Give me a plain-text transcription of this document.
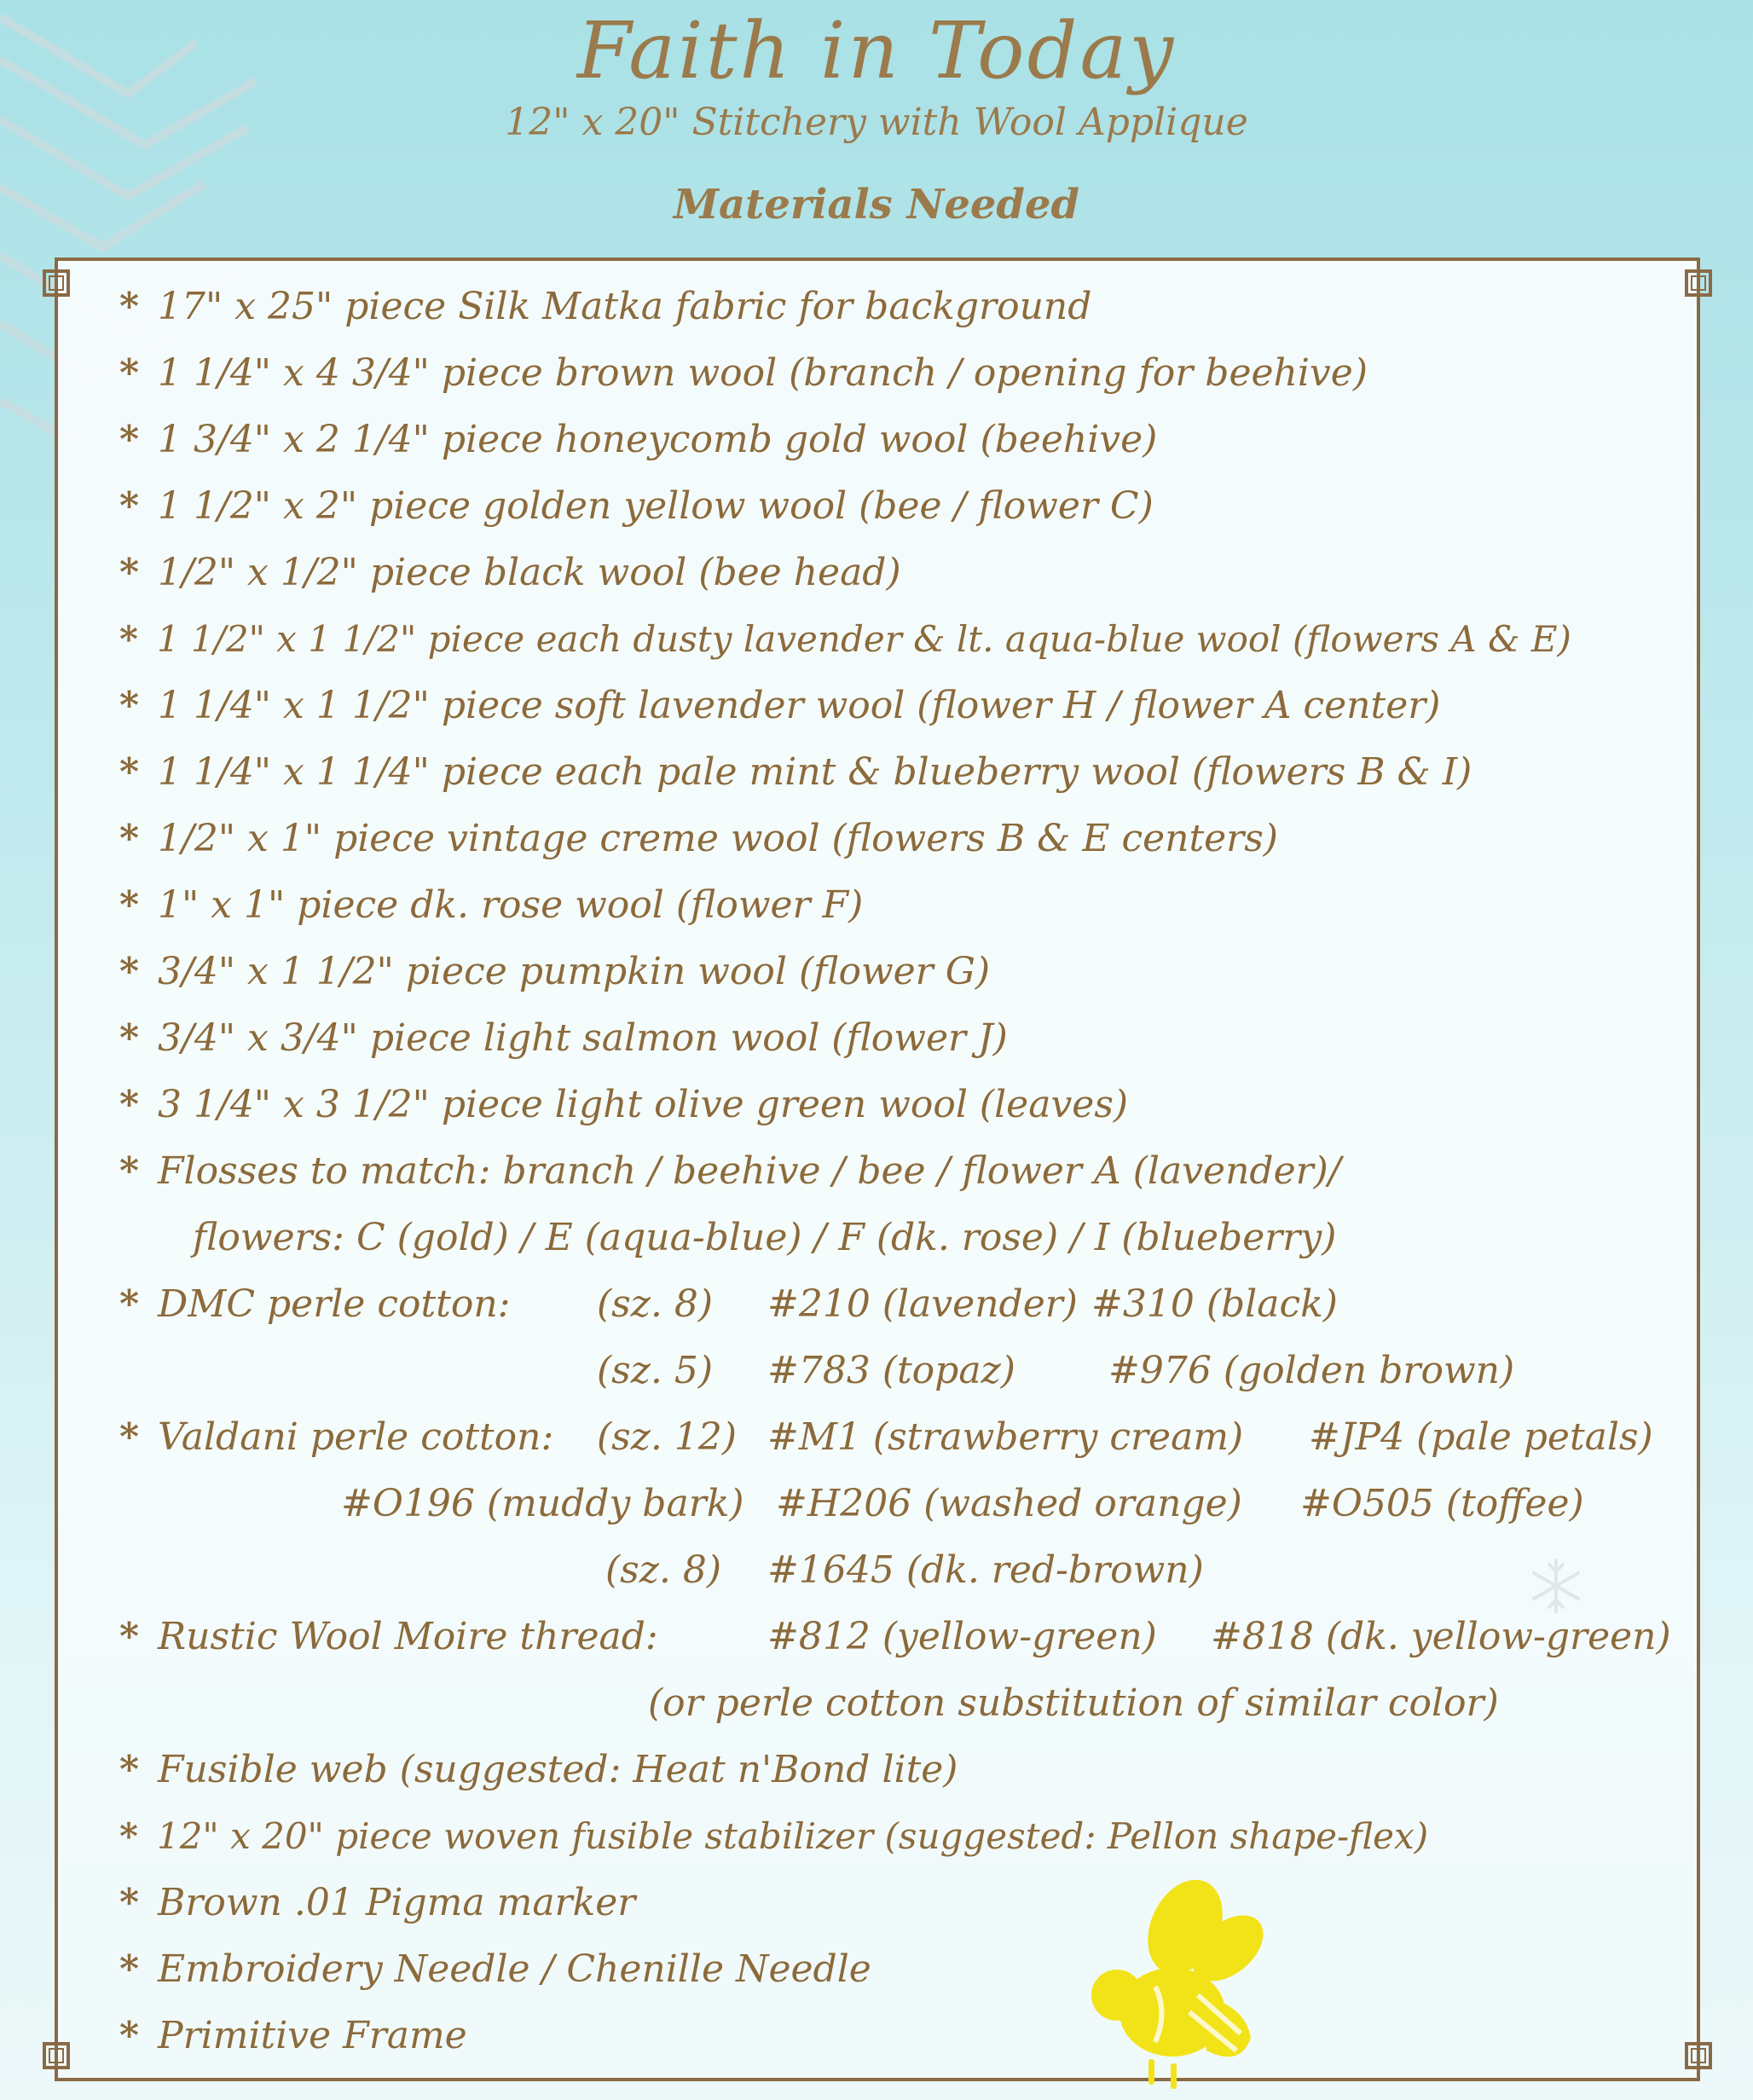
Faith in Today
12" x 20" Stitchery with Wool Applique
Materials Needed
* 17" x 25" piece Silk Matka fabric for background
* 1 1/4" x 4 3/4" piece brown wool (branch / opening for beehive)
* 1 3/4" x 2 1/4" piece honeycomb gold wool (beehive)
* 1 1/2" x 2" piece golden yellow wool (bee / flower C)
* 1/2" x 1/2" piece black wool (bee head)
* 1 1/2" x 1 1/2" piece each dusty lavender & lt. aqua-blue wool (flowers A & E)
* 1 1/4" x 1 1/2" piece soft lavender wool (flower H / flower A center)
* 1 1/4" x 1 1/4" piece each pale mint & blueberry wool (flowers B & I)
* 1/2" x 1" piece vintage creme wool (flowers B & E centers)
* 1" x 1" piece dk. rose wool (flower F)
* 3/4" x 1 1/2" piece pumpkin wool (flower G)
* 3/4" x 3/4" piece light salmon wool (flower J)
* 3 1/4" x 3 1/2" piece light olive green wool (leaves)
* Flosses to match: branch / beehive / bee / flower A (lavender)/
flowers: C (gold) / E (aqua-blue) / F (dk. rose) / I (blueberry)
* DMC perle cotton: (sz. 8) #210 (lavender) #310 (black)
(sz. 5) #783 (topaz) #976 (golden brown)
* Valdani perle cotton: (sz. 12) #M1 (strawberry cream) #JP4 (pale petals)
#O196 (muddy bark) #H206 (washed orange) #O505 (toffee)
(sz. 8) #1645 (dk. red-brown)
* Rustic Wool Moire thread:	#812 (yellow-green) #818 (dk. yellow-green)
(or perle cotton substitution of similar color)
* Fusible web (suggested: Heat n'Bond lite)
* 12" x 20" piece woven fusible stabilizer (suggested: Pellon shape-flex)
* Brown .01 Pigma marker
* Embroidery Needle / Chenille Needle
* Primitive Frame
